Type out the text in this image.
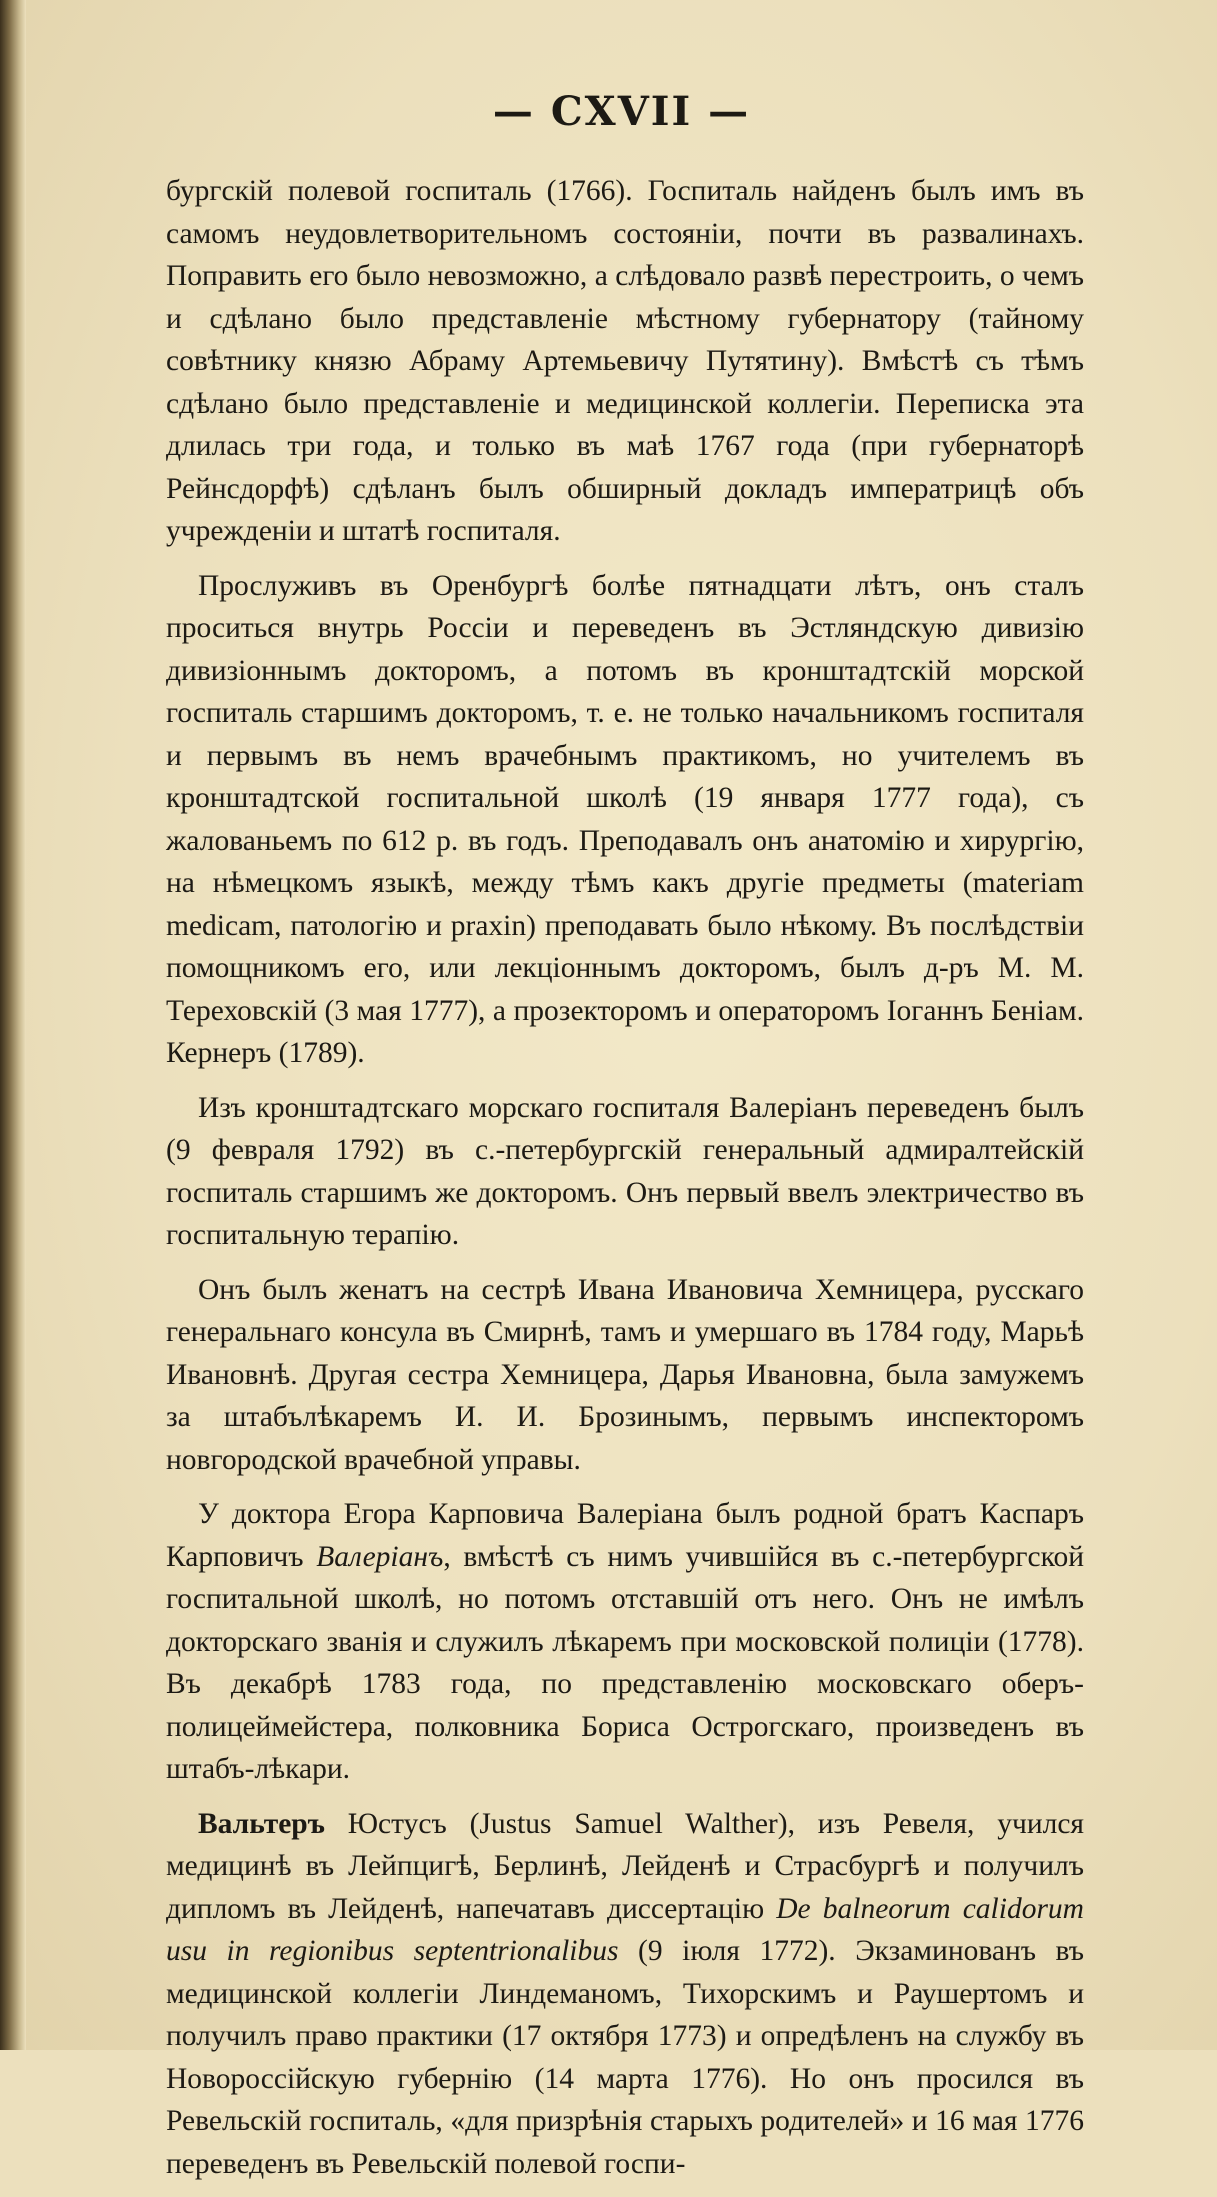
— CXVII —

бургскій полевой госпиталь (1766). Госпиталь найденъ былъ имъ въ самомъ неудовлетворительномъ состояніи, почти въ развалинахъ. Поправить его было невозможно, а слѣдовало развѣ перестроить, о чемъ и сдѣлано было представленіе мѣстному губернатору (тайному совѣтнику князю Абраму Артемьевичу Путятину). Вмѣстѣ съ тѣмъ сдѣлано было представленіе и медицинской коллегіи. Переписка эта длилась три года, и только въ маѣ 1767 года (при губернаторѣ Рейнсдорфѣ) сдѣланъ былъ обширный докладъ императрицѣ объ учрежденіи и штатѣ госпиталя.

Прослуживъ въ Оренбургѣ болѣе пятнадцати лѣтъ, онъ сталъ проситься внутрь Россіи и переведенъ въ Эстляндскую дивизію дивизіоннымъ докторомъ, а потомъ въ кронштадтскій морской госпиталь старшимъ докторомъ, т. е. не только начальникомъ госпиталя и первымъ въ немъ врачебнымъ практикомъ, но учителемъ въ кронштадтской госпитальной школѣ (19 января 1777 года), съ жалованьемъ по 612 р. въ годъ. Преподавалъ онъ анатомію и хирургію, на нѣмецкомъ языкѣ, между тѣмъ какъ другіе предметы (materiam medicam, патологію и praxin) преподавать было нѣкому. Въ послѣдствіи помощникомъ его, или лекціоннымъ докторомъ, былъ д-ръ М. М. Тереховскій (3 мая 1777), а прозекторомъ и операторомъ Іоганнъ Беніам. Кернеръ (1789).

Изъ кронштадтскаго морскаго госпиталя Валеріанъ переведенъ былъ (9 февраля 1792) въ с.-петербургскій генеральный адмиралтейскій госпиталь старшимъ же докторомъ. Онъ первый ввелъ электричество въ госпитальную терапію.

Онъ былъ женатъ на сестрѣ Ивана Ивановича Хемницера, русскаго генеральнаго консула въ Смирнѣ, тамъ и умершаго въ 1784 году, Марьѣ Ивановнѣ. Другая сестра Хемницера, Дарья Ивановна, была замужемъ за штабълѣкаремъ И. И. Брозинымъ, первымъ инспекторомъ новгородской врачебной управы.

У доктора Егора Карповича Валеріана былъ родной братъ Каспаръ Карповичъ Валеріанъ, вмѣстѣ съ нимъ учившійся въ с.-петербургской госпитальной школѣ, но потомъ отставшій отъ него. Онъ не имѣлъ докторскаго званія и служилъ лѣкаремъ при московской полиціи (1778). Въ декабрѣ 1783 года, по представленію московскаго оберъ-полицеймейстера, полковника Бориса Острогскаго, произведенъ въ штабъ-лѣкари.

Вальтеръ Юстусъ (Justus Samuel Walther), изъ Ревеля, учился медицинѣ въ Лейпцигѣ, Берлинѣ, Лейденѣ и Страсбургѣ и получилъ дипломъ въ Лейденѣ, напечатавъ диссертацію De balneorum calidorum usu in regionibus septentrionalibus (9 іюля 1772). Экзаминованъ въ медицинской коллегіи Линдеманомъ, Тихорскимъ и Раушертомъ и получилъ право практики (17 октября 1773) и опредѣленъ на службу въ Новороссійскую губернію (14 марта 1776). Но онъ просился въ Ревельскій госпиталь, «для призрѣнія старыхъ родителей» и 16 мая 1776 переведенъ въ Ревельскій полевой госпи-
